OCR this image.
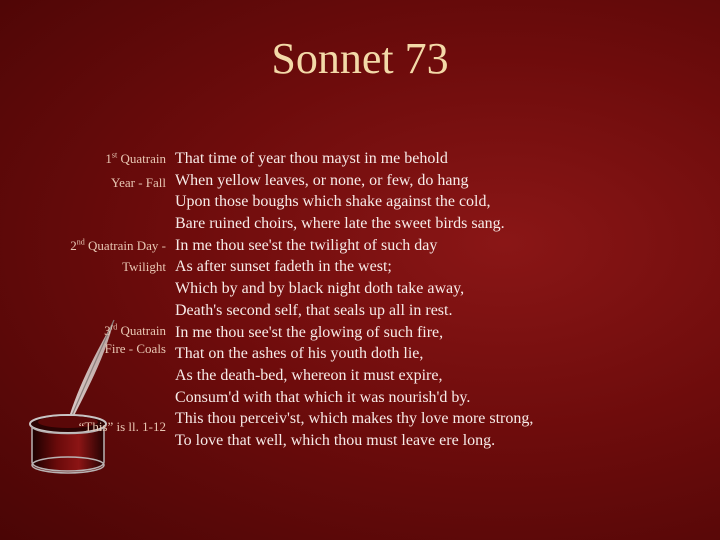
Sonnet 73
1st Quatrain
Year - Fall
2nd Quatrain Day -
Twilight
3rd Quatrain
Fire - Coals
“This” is ll. 1-12
That time of year thou mayst in me behold
When yellow leaves, or none, or few, do hang
Upon those boughs which shake against the cold,
Bare ruined choirs, where late the sweet birds sang.
In me thou see'st the twilight of such day
As after sunset fadeth in the west;
Which by and by black night doth take away,
Death's second self, that seals up all in rest.
In me thou see'st the glowing of such fire,
That on the ashes of his youth doth lie,
As the death-bed, whereon it must expire,
Consum'd with that which it was nourish'd by.
This thou perceiv'st, which makes thy love more strong,
To love that well, which thou must leave ere long.
